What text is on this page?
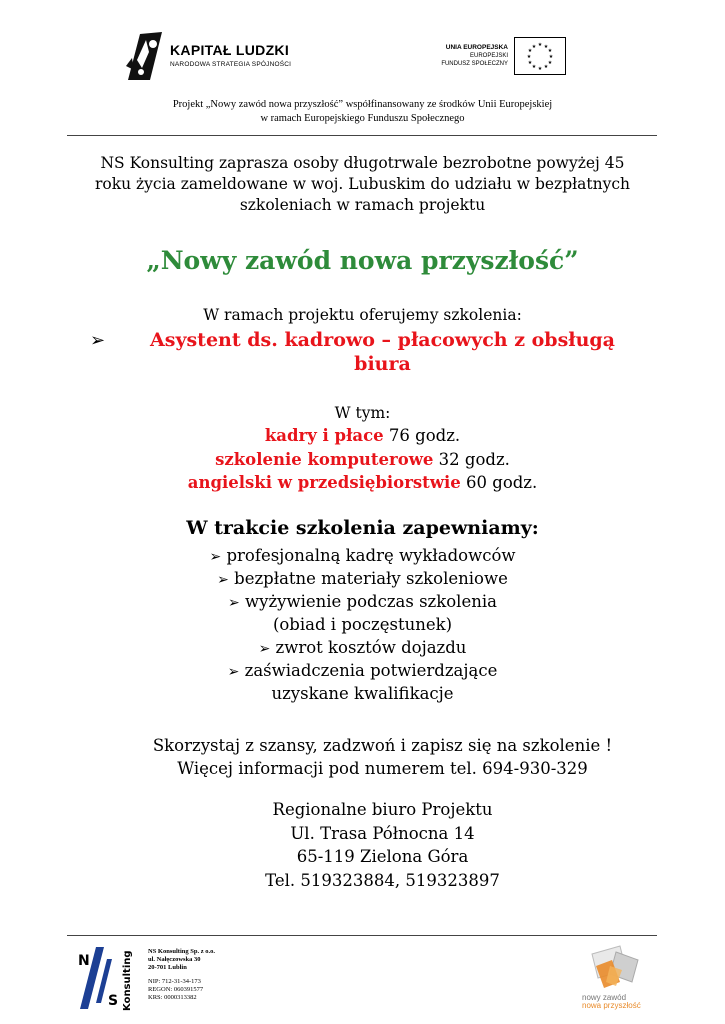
KAPITAŁ LUDZKI
NARODOWA STRATEGIA SPÓJNOŚCI
UNIA EUROPEJSKA
EUROPEJSKI
FUNDUSZ SPOŁECZNY
★ ★
★
★
★
★
★
★
★
★
★
★
Projekt „Nowy zawód nowa przyszłość” współfinansowany ze środków Unii Europejskiej
w ramach Europejskiego Funduszu Społecznego
NS Konsulting zaprasza osoby długotrwale bezrobotne powyżej 45
roku życia zameldowane w woj. Lubuskim do udziału w bezpłatnych
szkoleniach w ramach projektu
„Nowy zawód nowa przyszłość”
W ramach projektu oferujemy szkolenia:
➢	Asystent ds. kadrowo – płacowych z obsługą
biura
W tym:
kadry i płace 76 godz.
szkolenie komputerowe 32 godz.
angielski w przedsiębiorstwie 60 godz.
W trakcie szkolenia zapewniamy:
➢ profesjonalną kadrę wykładowców
➢ bezpłatne materiały szkoleniowe
➢ wyżywienie podczas szkolenia
(obiad i poczęstunek)
➢ zwrot kosztów dojazdu
➢ zaświadczenia potwierdzające
uzyskane kwalifikacje
Skorzystaj z szansy, zadzwoń i zapisz się na szkolenie !
Więcej informacji pod numerem tel. 694-930-329
Regionalne biuro Projektu
Ul. Trasa Północna 14
65-119 Zielona Góra
Tel. 519323884, 519323897
N
S Konsulting NS Konsulting Sp. z o.o.
ul. Nałęczowska 30
20-701 Lublin
NIP: 712-31-34-173
REGON: 060391577
KRS: 0000313382	nowy zawód
nowa przyszłość
